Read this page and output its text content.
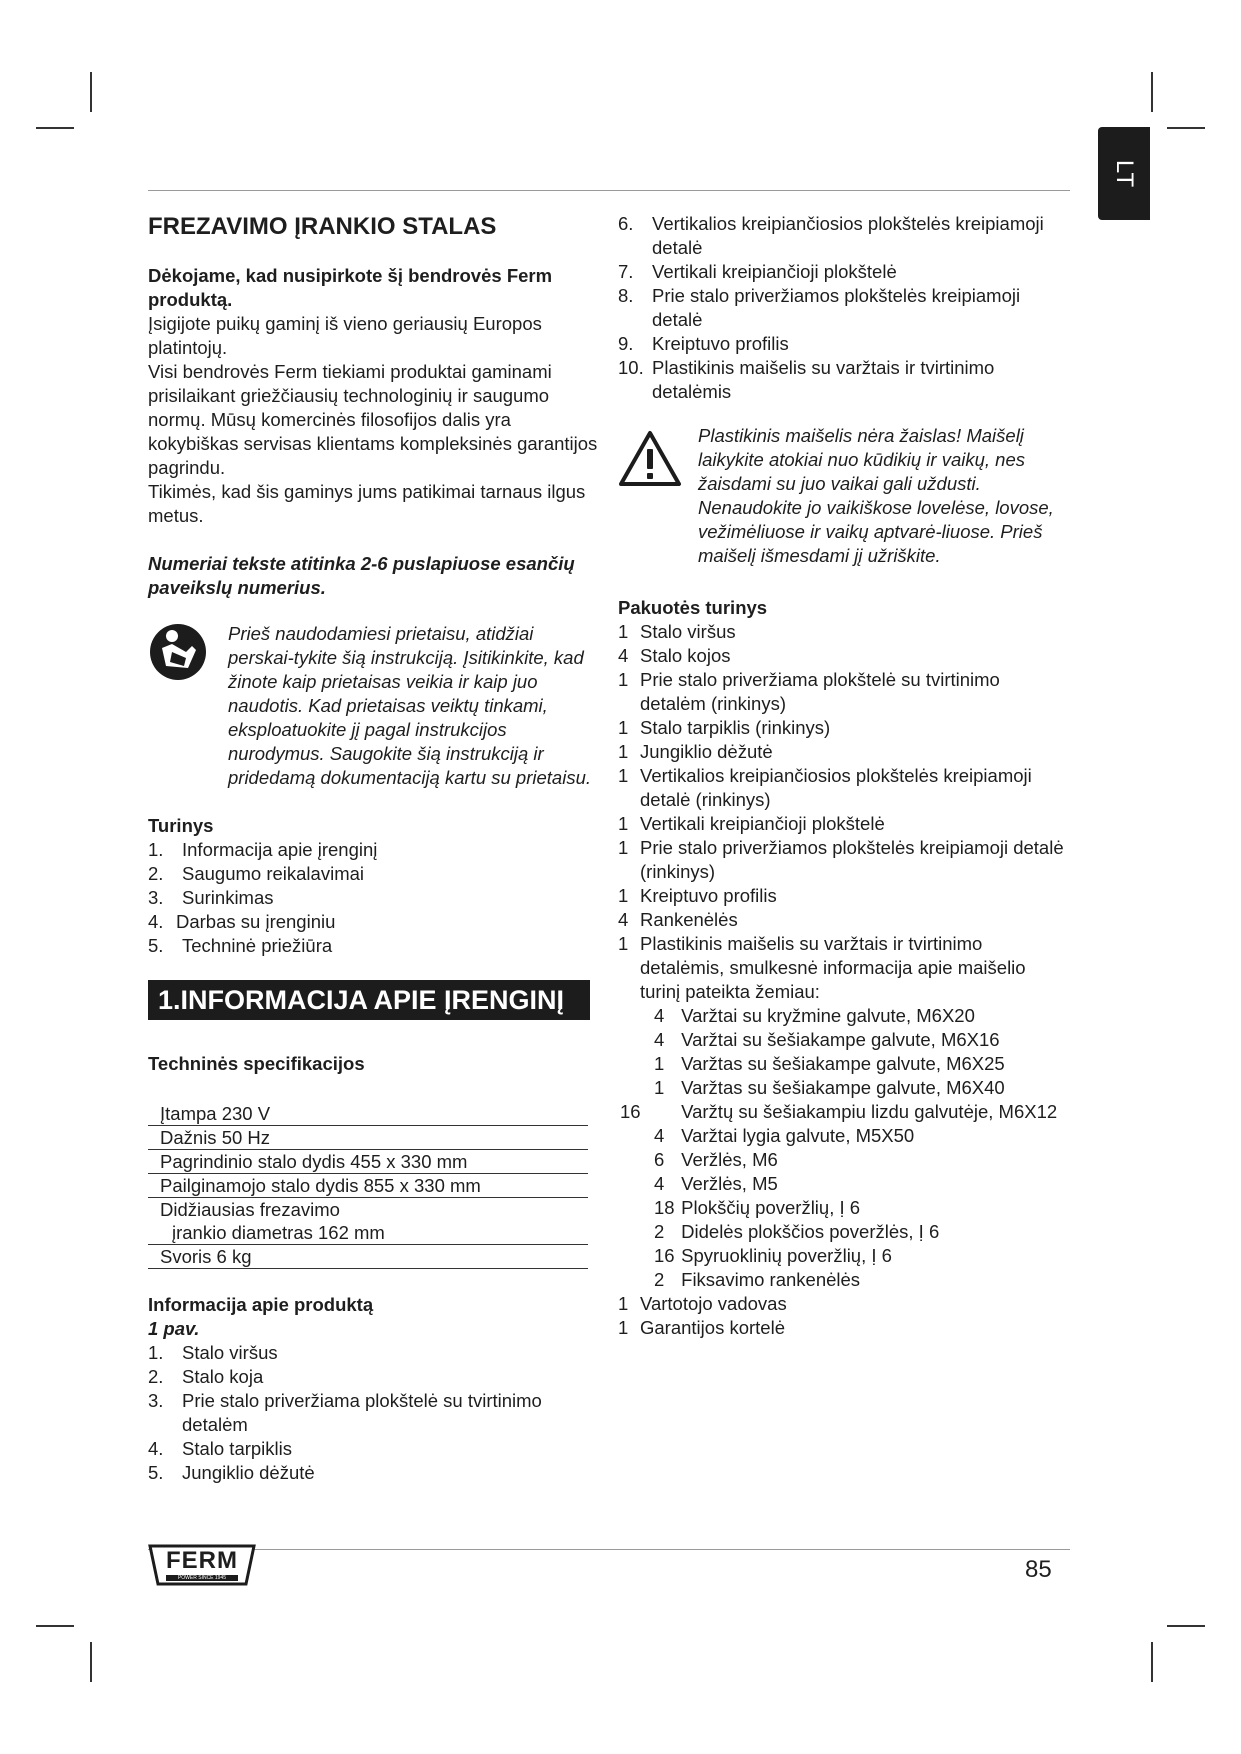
LT
FREZAVIMO ĮRANKIO STALAS

Dėkojame, kad nusipirkote šį bendrovės Ferm produktą.

Įsigijote puikų gaminį iš vieno geriausių Europos platintojų.

Visi bendrovės Ferm tiekiami produktai gaminami prisilaikant griežčiausių technologinių ir saugumo normų. Mūsų komercinės filosofijos dalis yra kokybiškas servisas klientams kompleksinės garantijos pagrindu.

Tikimės, kad šis gaminys jums patikimai tarnaus ilgus metus.

Numeriai tekste atitinka 2-6 puslapiuose esančių paveikslų numerius.

Prieš naudodamiesi prietaisu, atidžiai perskai-tykite šią instrukciją. Įsitikinkite, kad žinote kaip prietaisas veikia ir kaip juo naudotis. Kad prietaisas veiktų tinkami, eksploatuokite jį pagal instrukcijos nurodymus. Saugokite šią instrukciją ir pridedamą dokumentaciją kartu su prietaisu.

Turinys

1.	Informacija apie įrenginį
2.	Saugumo reikalavimai
3.	Surinkimas
4. Darbas su įrenginiu
5.	Techninė priežiūra
1.INFORMACIJA APIE ĮRENGINĮ

Techninės specifikacijos

Įtampa 230 V
Dažnis 50 Hz
Pagrindinio stalo dydis 455 x 330 mm
Pailginamojo stalo dydis 855 x 330 mm
Didžiausias frezavimo
įrankio diametras 162 mm
Svoris 6 kg

Informacija apie produktą

1 pav.

1.	Stalo viršus
2.	Stalo koja
3.	Prie stalo priveržiama plokštelė su tvirtinimo detalėm
4.	Stalo tarpiklis
5.	Jungiklio dėžutė
6.	Vertikalios kreipiančiosios plokštelės kreipiamoji detalė
7.	Vertikali kreipiančioji plokštelė
8.	Prie stalo priveržiamos plokštelės kreipiamoji detalė
9.	Kreiptuvo profilis
10. Plastikinis maišelis su varžtais ir tvirtinimo detalėmis
Plastikinis maišelis nėra žaislas! Maišelį laikykite atokiai nuo kūdikių ir vaikų, nes žaisdami su juo vaikai gali uždusti. Nenaudokite jo vaikiškose lovelėse, lovose, vežimėliuose ir vaikų aptvarė-liuose. Prieš maišelį išmesdami jį užriškite.

Pakuotės turinys

1 Stalo viršus
4 Stalo kojos
1 Prie stalo priveržiama plokštelė su tvirtinimo detalėm (rinkinys)
1 Stalo tarpiklis (rinkinys)
1 Jungiklio dėžutė
1 Vertikalios kreipiančiosios plokštelės kreipiamoji detalė (rinkinys)
1 Vertikali kreipiančioji plokštelė
1 Prie stalo priveržiamos plokštelės kreipiamoji detalė (rinkinys)
1 Kreiptuvo profilis
4 Rankenėlės
1 Plastikinis maišelis su varžtais ir tvirtinimo detalėmis, smulkesnė informacija apie maišelio turinį pateikta žemiau:
4 Varžtai su kryžmine galvute, M6X20
4 Varžtai su šešiakampe galvute, M6X16
1 Varžtas su šešiakampe galvute, M6X25
1 Varžtas su šešiakampe galvute, M6X40
16 Varžtų su šešiakampiu lizdu galvutėje, M6X12
4 Varžtai lygia galvute, M5X50
6 Veržlės, M6
4 Veržlės, M5
18 Plokščių poveržlių, Ị 6
2 Didelės plokščios poveržlės, Ị 6
16 Spyruoklinių poveržlių, Ị 6
2 Fiksavimo rankenėlės
1 Vartotojo vadovas
1 Garantijos kortelė
FERM
POWER SINCE 1945	85
